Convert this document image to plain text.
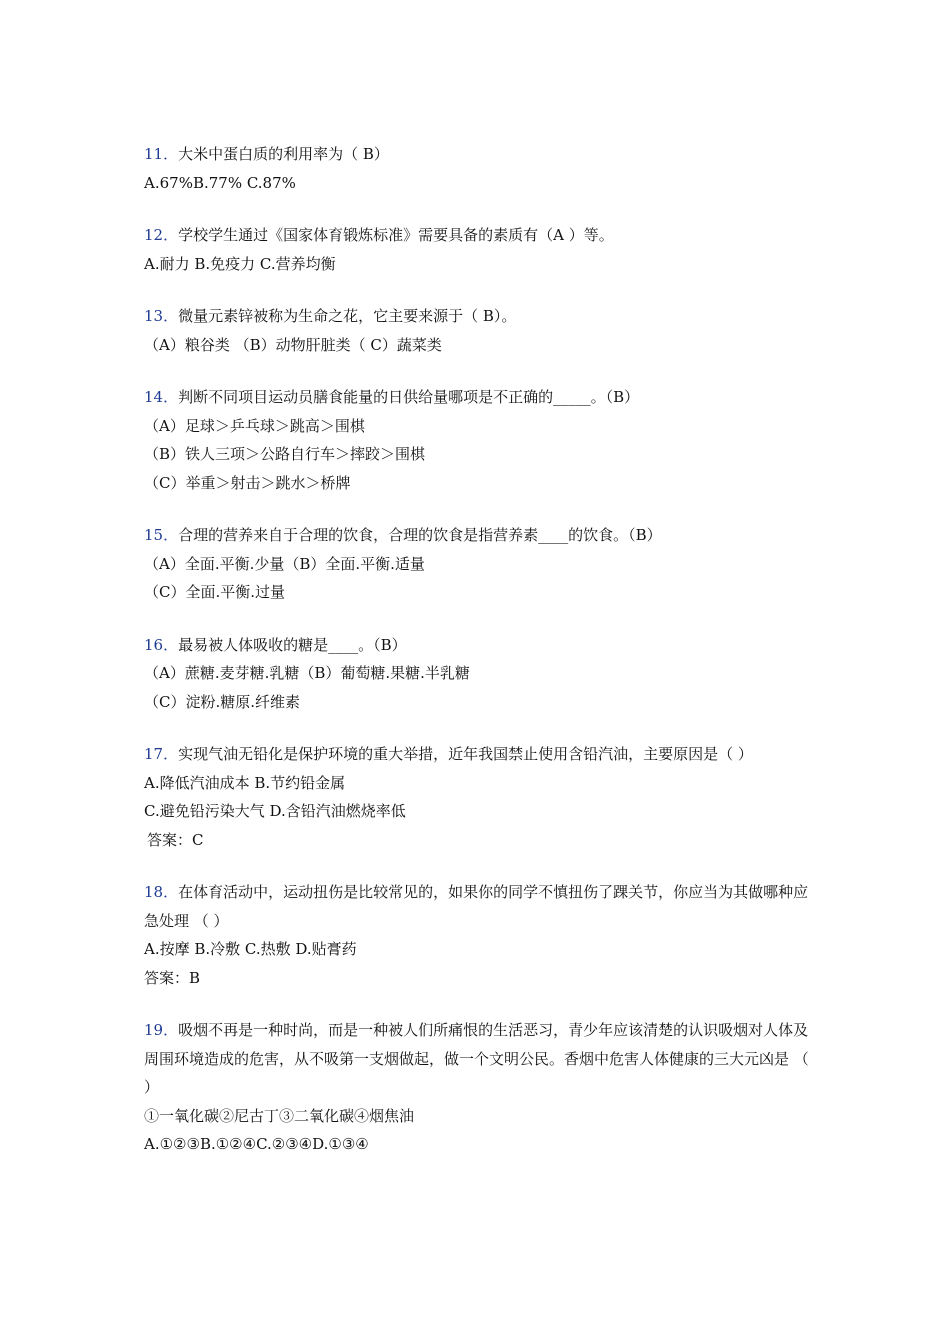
11．大米中蛋白质的利用率为（ B）

A.67%B.77% C.87%

12．学校学生通过《国家体育锻炼标准》需要具备的素质有（A ）等。

A.耐力 B.免疫力 C.营养均衡

13．微量元素锌被称为生命之花，它主要来源于（ B）。

（A）粮谷类 （B）动物肝脏类（ C）蔬菜类

14．判断不同项目运动员膳食能量的日供给量哪项是不正确的_____。（B）

（A）足球＞乒乓球＞跳高＞围棋

（B）铁人三项＞公路自行车＞摔跤＞围棋

（C）举重＞射击＞跳水＞桥牌

15．合理的营养来自于合理的饮食，合理的饮食是指营养素____的饮食。（B）

（A）全面.平衡.少量（B）全面.平衡.适量

（C）全面.平衡.过量

16．最易被人体吸收的糖是____。（B）

（A）蔗糖.麦芽糖.乳糖（B）葡萄糖.果糖.半乳糖

（C）淀粉.糖原.纤维素

17．实现气油无铅化是保护环境的重大举措，近年我国禁止使用含铅汽油，主要原因是（ ）

A.降低汽油成本 B.节约铅金属

C.避免铅污染大气 D.含铅汽油燃烧率低

答案：C

18．在体育活动中，运动扭伤是比较常见的，如果你的同学不慎扭伤了踝关节，你应当为其做哪种应急处理 （ ）

A.按摩 B.冷敷 C.热敷 D.贴膏药

答案：B

19．吸烟不再是一种时尚，而是一种被人们所痛恨的生活恶习，青少年应该清楚的认识吸烟对人体及周围环境造成的危害，从不吸第一支烟做起，做一个文明公民。香烟中危害人体健康的三大元凶是 （ ）

①一氧化碳②尼古丁③二氧化碳④烟焦油

A.①②③B.①②④C.②③④D.①③④
